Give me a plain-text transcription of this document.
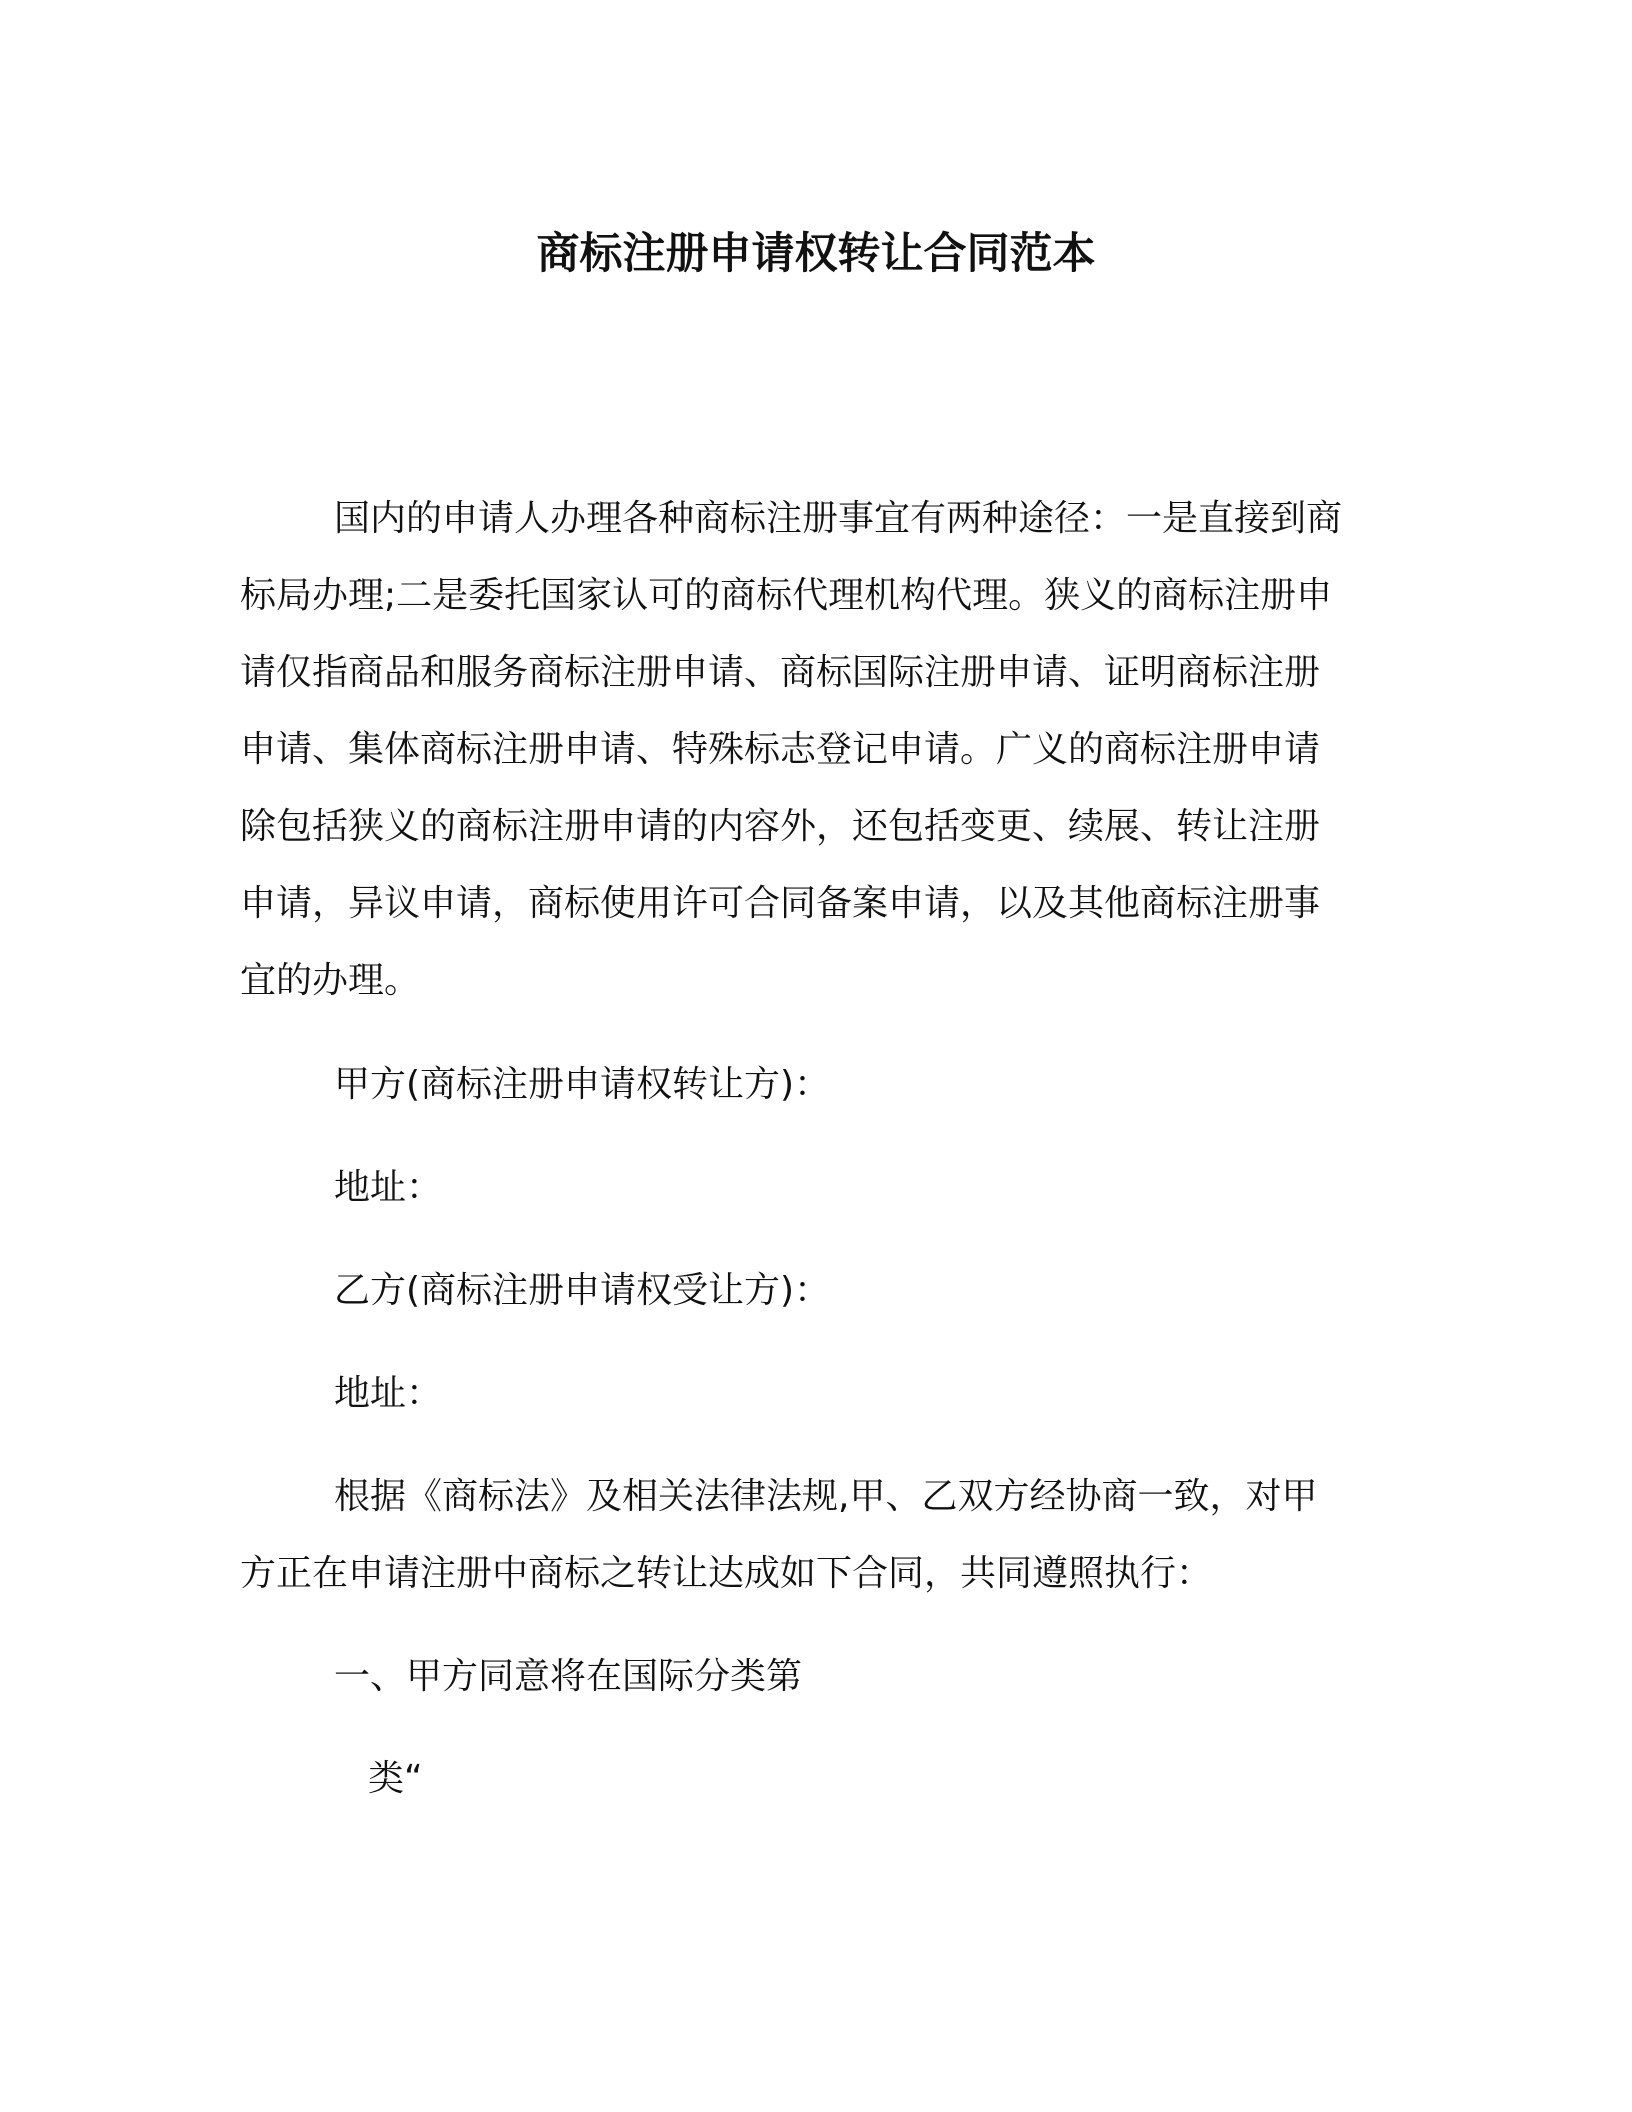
商标注册申请权转让合同范本
国内的申请人办理各种商标注册事宜有两种途径：一是直接到商
标局办理;二是委托国家认可的商标代理机构代理。狭义的商标注册申
请仅指商品和服务商标注册申请、商标国际注册申请、证明商标注册
申请、集体商标注册申请、特殊标志登记申请。广义的商标注册申请
除包括狭义的商标注册申请的内容外，还包括变更、续展、转让注册
申请，异议申请，商标使用许可合同备案申请，以及其他商标注册事
宜的办理。
甲方(商标注册申请权转让方)：
地址：
乙方(商标注册申请权受让方)：
地址：
根据《商标法》及相关法律法规,甲、乙双方经协商一致，对甲
方正在申请注册中商标之转让达成如下合同，共同遵照执行：
一、甲方同意将在国际分类第
类“
